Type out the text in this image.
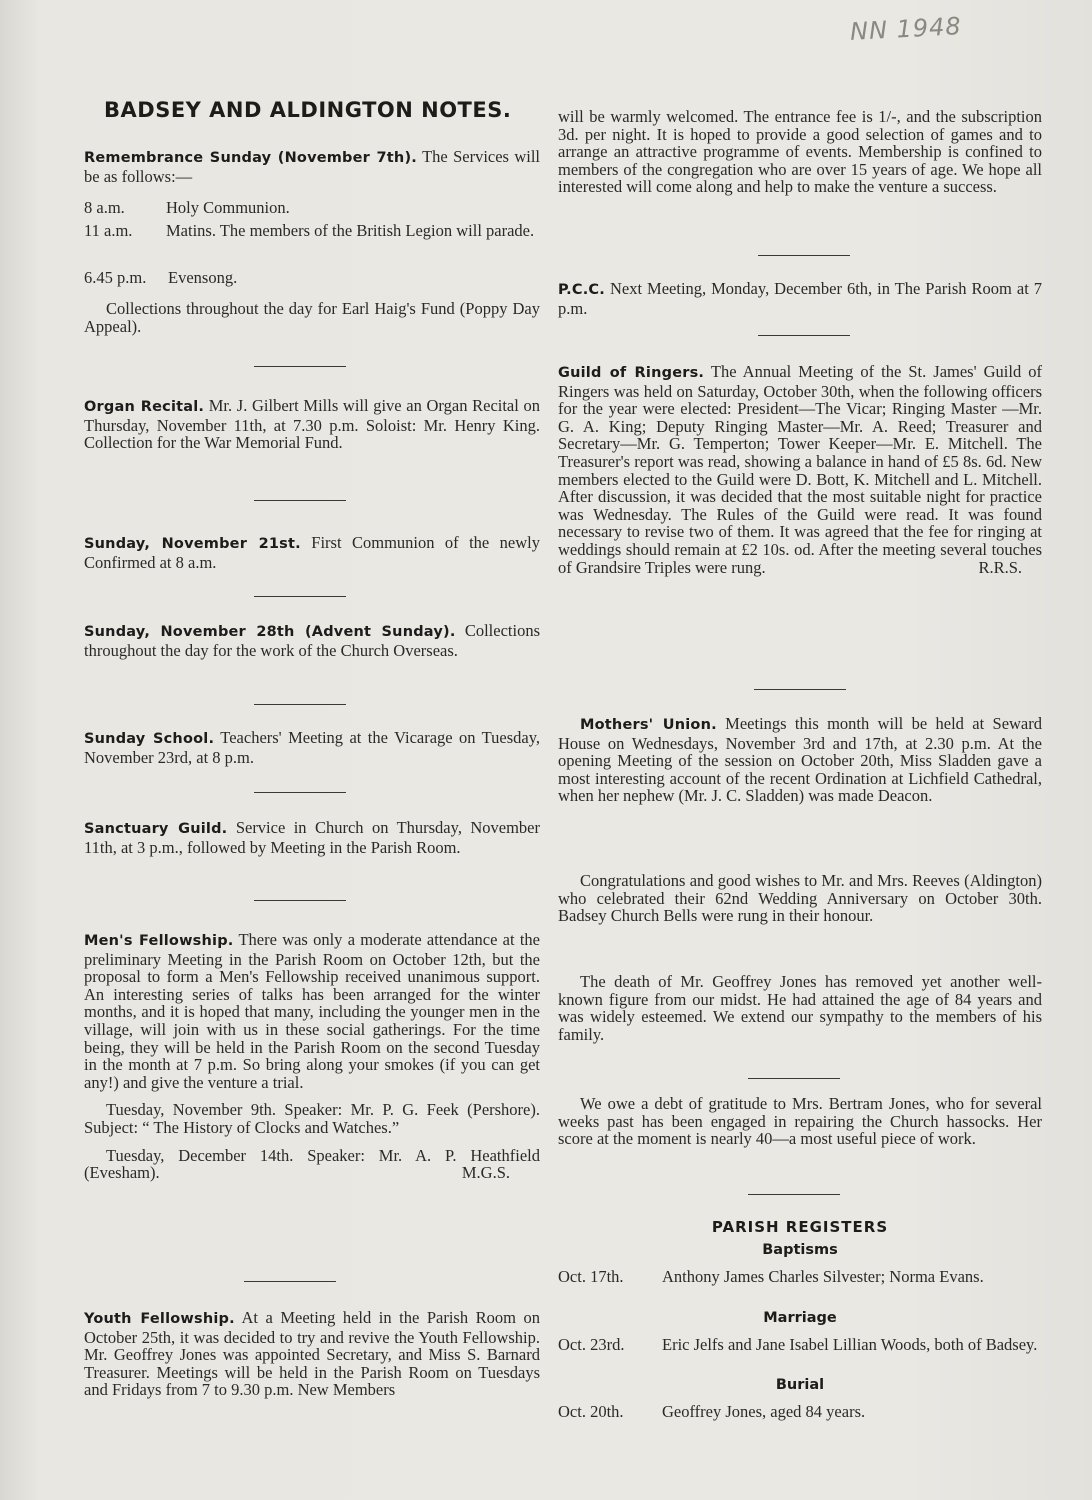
NN 1948
BADSEY AND ALDINGTON NOTES.

Remembrance Sunday (November 7th). The Services will be as follows:—

8 a.m. Holy Communion.
11 a.m. Matins. The members of the British Legion will parade.
6.45 p.m. Evensong.

Collections throughout the day for Earl Haig's Fund (Poppy Day Appeal).

Organ Recital. Mr. J. Gilbert Mills will give an Organ Recital on Thursday, November 11th, at 7.30 p.m. Soloist: Mr. Henry King. Collection for the War Memorial Fund.

Sunday, November 21st. First Communion of the newly Confirmed at 8 a.m.

Sunday, November 28th (Advent Sunday). Collections throughout the day for the work of the Church Overseas.

Sunday School. Teachers' Meeting at the Vicarage on Tuesday, November 23rd, at 8 p.m.

Sanctuary Guild. Service in Church on Thursday, November 11th, at 3 p.m., followed by Meeting in the Parish Room.

Men's Fellowship. There was only a moderate attendance at the preliminary Meeting in the Parish Room on October 12th, but the proposal to form a Men's Fellowship received unanimous support. An interesting series of talks has been arranged for the winter months, and it is hoped that many, including the younger men in the village, will join with us in these social gatherings. For the time being, they will be held in the Parish Room on the second Tuesday in the month at 7 p.m. So bring along your smokes (if you can get any!) and give the venture a trial.

Tuesday, November 9th. Speaker: Mr. P. G. Feek (Pershore). Subject: “ The History of Clocks and Watches.”

Tuesday, December 14th. Speaker: Mr. A. P. Heathfield (Evesham).	M.G.S.

Youth Fellowship. At a Meeting held in the Parish Room on October 25th, it was decided to try and revive the Youth Fellowship. Mr. Geoffrey Jones was appointed Secretary, and Miss S. Barnard Treasurer. Meetings will be held in the Parish Room on Tuesdays and Fridays from 7 to 9.30 p.m. New Members

will be warmly welcomed. The entrance fee is 1/-, and the subscription 3d. per night. It is hoped to provide a good selection of games and to arrange an attractive programme of events. Membership is confined to members of the congregation who are over 15 years of age. We hope all interested will come along and help to make the venture a success.

P.C.C. Next Meeting, Monday, December 6th, in The Parish Room at 7 p.m.

Guild of Ringers. The Annual Meeting of the St. James' Guild of Ringers was held on Saturday, October 30th, when the following officers for the year were elected: President—The Vicar; Ringing Master —Mr. G. A. King; Deputy Ringing Master—Mr. A. Reed; Treasurer and Secretary—Mr. G. Temperton; Tower Keeper—Mr. E. Mitchell. The Treasurer's report was read, showing a balance in hand of £5 8s. 6d. New members elected to the Guild were D. Bott, K. Mitchell and L. Mitchell. After discussion, it was decided that the most suitable night for practice was Wednesday. The Rules of the Guild were read. It was found necessary to revise two of them. It was agreed that the fee for ringing at weddings should remain at £2 10s. od. After the meeting several touches of Grandsire Triples were rung.	R.R.S.

Mothers' Union. Meetings this month will be held at Seward House on Wednesdays, November 3rd and 17th, at 2.30 p.m. At the opening Meeting of the session on October 20th, Miss Sladden gave a most interesting account of the recent Ordination at Lichfield Cathedral, when her nephew (Mr. J. C. Sladden) was made Deacon.

Congratulations and good wishes to Mr. and Mrs. Reeves (Aldington) who celebrated their 62nd Wedding Anniversary on October 30th. Badsey Church Bells were rung in their honour.

The death of Mr. Geoffrey Jones has removed yet another well-known figure from our midst. He had attained the age of 84 years and was widely esteemed. We extend our sympathy to the members of his family.

We owe a debt of gratitude to Mrs. Bertram Jones, who for several weeks past has been engaged in repairing the Church hassocks. Her score at the moment is nearly 40—a most useful piece of work.

PARISH REGISTERS
Baptisms
Oct. 17th. Anthony James Charles Silvester; Norma Evans.
Marriage
Oct. 23rd. Eric Jelfs and Jane Isabel Lillian Woods, both of Badsey.
Burial
Oct. 20th. Geoffrey Jones, aged 84 years.
